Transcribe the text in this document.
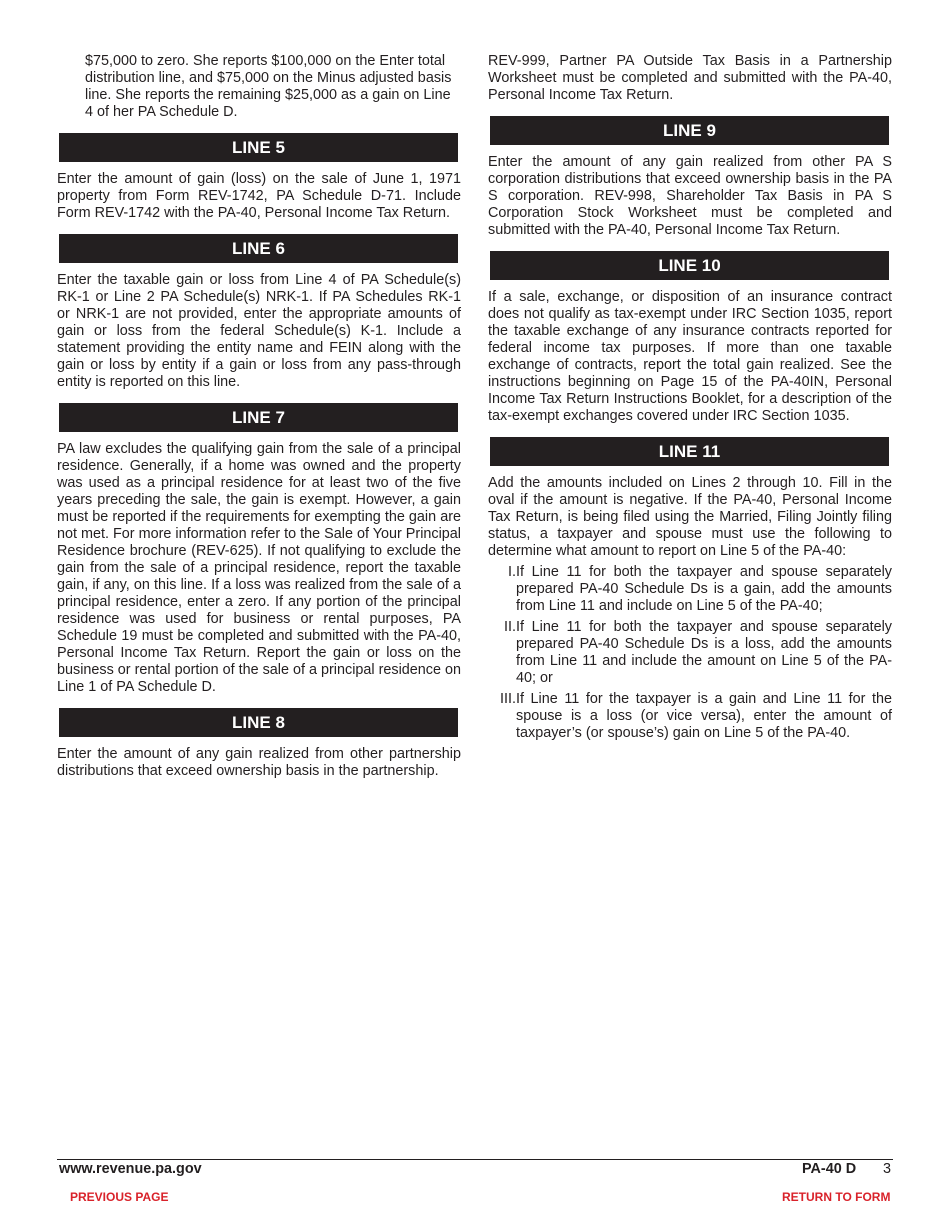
$75,000 to zero. She reports $100,000 on the Enter total distribution line, and $75,000 on the Minus adjusted basis line. She reports the remaining $25,000 as a gain on Line 4 of her PA Schedule D.

LINE 5

Enter the amount of gain (loss) on the sale of June 1, 1971 property from Form REV-1742, PA Schedule D-71. Include Form REV-1742 with the PA-40, Personal Income Tax Return.

LINE 6

Enter the taxable gain or loss from Line 4 of PA Schedule(s) RK-1 or Line 2 PA Schedule(s) NRK-1. If PA Schedules RK-1 or NRK-1 are not provided, enter the appropriate amounts of gain or loss from the federal Schedule(s) K-1. Include a statement providing the entity name and FEIN along with the gain or loss by entity if a gain or loss from any pass-through entity is reported on this line.

LINE 7

PA law excludes the qualifying gain from the sale of a principal residence. Generally, if a home was owned and the property was used as a principal residence for at least two of the five years preceding the sale, the gain is exempt. However, a gain must be reported if the requirements for exempting the gain are not met. For more information refer to the Sale of Your Principal Residence brochure (REV-625). If not qualifying to exclude the gain from the sale of a principal residence, report the taxable gain, if any, on this line. If a loss was realized from the sale of a principal residence, enter a zero. If any portion of the principal residence was used for business or rental purposes, PA Schedule 19 must be completed and submitted with the PA-40, Personal Income Tax Return. Report the gain or loss on the business or rental portion of the sale of a principal residence on Line 1 of PA Schedule D.

LINE 8

Enter the amount of any gain realized from other partnership distributions that exceed ownership basis in the partnership.

REV-999, Partner PA Outside Tax Basis in a Partnership Worksheet must be completed and submitted with the PA-40, Personal Income Tax Return.

LINE 9

Enter the amount of any gain realized from other PA S corporation distributions that exceed ownership basis in the PA S corporation. REV-998, Shareholder Tax Basis in PA S Corporation Stock Worksheet must be completed and submitted with the PA-40, Personal Income Tax Return.

LINE 10

If a sale, exchange, or disposition of an insurance contract does not qualify as tax-exempt under IRC Section 1035, report the taxable exchange of any insurance contracts reported for federal income tax purposes. If more than one taxable exchange of contracts, report the total gain realized. See the instructions beginning on Page 15 of the PA-40IN, Personal Income Tax Return Instructions Booklet, for a description of the tax-exempt exchanges covered under IRC Section 1035.

LINE 11

Add the amounts included on Lines 2 through 10. Fill in the oval if the amount is negative. If the PA-40, Personal Income Tax Return, is being filed using the Married, Filing Jointly filing status, a taxpayer and spouse must use the following to determine what amount to report on Line 5 of the PA-40:

I. If Line 11 for both the taxpayer and spouse separately prepared PA-40 Schedule Ds is a gain, add the amounts from Line 11 and include on Line 5 of the PA-40;
II. If Line 11 for both the taxpayer and spouse separately prepared PA-40 Schedule Ds is a loss, add the amounts from Line 11 and include the amount on Line 5 of the PA-40; or
III. If Line 11 for the taxpayer is a gain and Line 11 for the spouse is a loss (or vice versa), enter the amount of taxpayer’s (or spouse’s) gain on Line 5 of the PA-40.
www.revenue.pa.gov	PA-40 D 3
PREVIOUS PAGE	RETURN TO FORM
